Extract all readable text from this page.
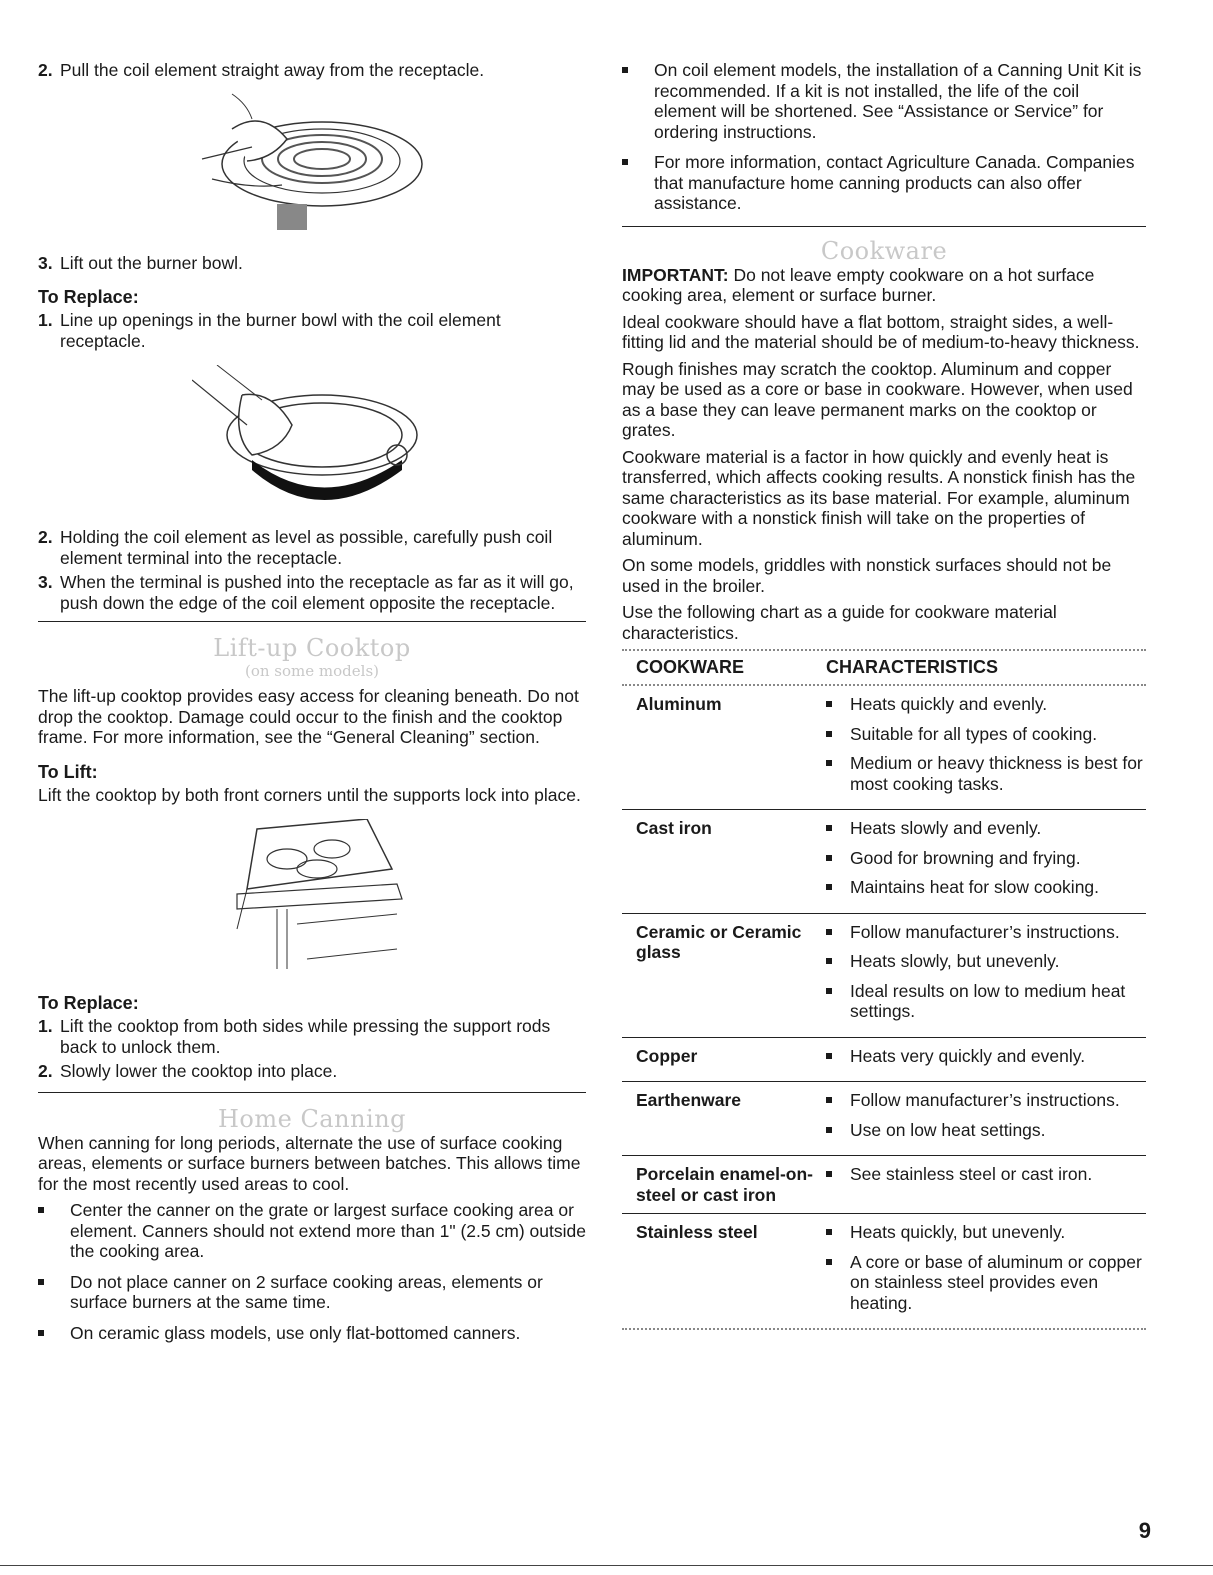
2. Pull the coil element straight away from the receptacle.
3. Lift out the burner bowl.
To Replace:
1. Line up openings in the burner bowl with the coil element receptacle.
2. Holding the coil element as level as possible, carefully push coil element terminal into the receptacle.
3. When the terminal is pushed into the receptacle as far as it will go, push down the edge of the coil element opposite the receptacle.
Lift-up Cooktop
(on some models)

The lift-up cooktop provides easy access for cleaning beneath. Do not drop the cooktop. Damage could occur to the finish and the cooktop frame. For more information, see the “General Cleaning” section.

To Lift:

Lift the cooktop by both front corners until the supports lock into place.

To Replace:
1. Lift the cooktop from both sides while pressing the support rods back to unlock them.
2. Slowly lower the cooktop into place.
Home Canning

When canning for long periods, alternate the use of surface cooking areas, elements or surface burners between batches. This allows time for the most recently used areas to cool.

Center the canner on the grate or largest surface cooking area or element. Canners should not extend more than 1" (2.5 cm) outside the cooking area.
Do not place canner on 2 surface cooking areas, elements or surface burners at the same time.
On ceramic glass models, use only flat-bottomed canners.
On coil element models, the installation of a Canning Unit Kit is recommended. If a kit is not installed, the life of the coil element will be shortened. See “Assistance or Service” for ordering instructions.
For more information, contact Agriculture Canada. Companies that manufacture home canning products can also offer assistance.
Cookware

IMPORTANT: Do not leave empty cookware on a hot surface cooking area, element or surface burner.

Ideal cookware should have a flat bottom, straight sides, a well-fitting lid and the material should be of medium-to-heavy thickness.

Rough finishes may scratch the cooktop. Aluminum and copper may be used as a core or base in cookware. However, when used as a base they can leave permanent marks on the cooktop or grates.

Cookware material is a factor in how quickly and evenly heat is transferred, which affects cooking results. A nonstick finish has the same characteristics as its base material. For example, aluminum cookware with a nonstick finish will take on the properties of aluminum.

On some models, griddles with nonstick surfaces should not be used in the broiler.

Use the following chart as a guide for cookware material characteristics.

COOKWARE	CHARACTERISTICS

Aluminum	Heats quickly and evenly.
Suitable for all types of cooking.
Medium or heavy thickness is best for most cooking tasks.

Cast iron	Heats slowly and evenly.
Good for browning and frying.
Maintains heat for slow cooking.

Ceramic or Ceramic glass	Follow manufacturer’s instructions.
Heats slowly, but unevenly.
Ideal results on low to medium heat settings.

Copper	Heats very quickly and evenly.

Earthenware	Follow manufacturer’s instructions.
Use on low heat settings.

Porcelain enamel-on-steel or cast iron	See stainless steel or cast iron.

Stainless steel	Heats quickly, but unevenly.
A core or base of aluminum or copper on stainless steel provides even heating.
9
